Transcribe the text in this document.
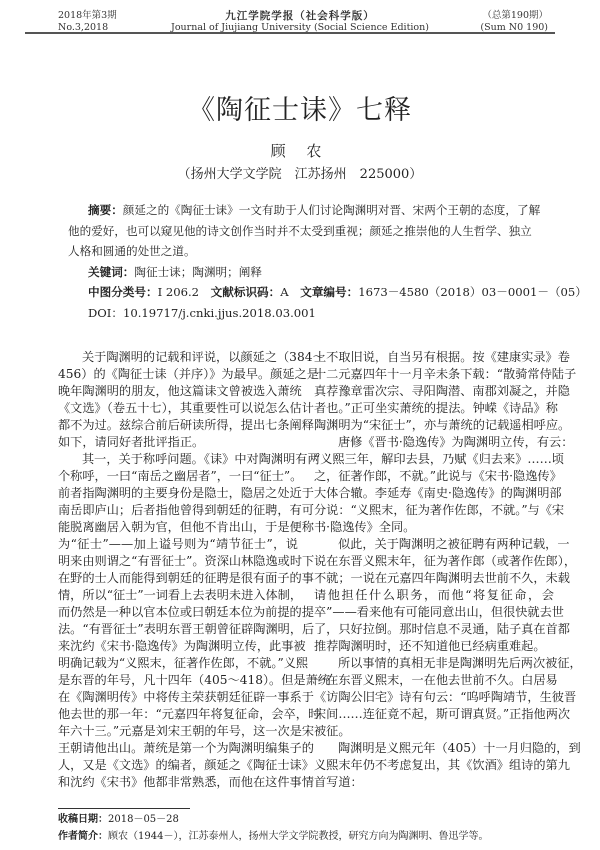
2018年第3期
No.3,2018
九江学院学报（社会科学版）
Journal of Jiujiang University (Social Science Edition)
（总第190期）
(Sum N0 190)
《陶征士诔》七释
顾 农
（扬州大学文学院　江苏扬州　225000）
摘要：颜延之的《陶征士诔》一文有助于人们讨论陶渊明对晋、宋两个王朝的态度，了解
他的爱好，也可以窥见他的诗文创作当时并不太受到重视；颜延之推崇他的人生哲学、独立
人格和圆通的处世之道。
关键词：陶征士诔；陶渊明；阐释
中图分类号：I 206.2　 文献标识码：A　 文章编号：1673－4580（2018）03－0001－（05）
DOI：10.19717/j.cnki.jjus.2018.03.001
关于陶渊明的记载和评说，以颜延之（384～
456）的《陶征士诔（并序）》为最早。颜延之是
晚年陶渊明的朋友，他这篇诔文曾被选入萧统
《文选》（卷五十七），其重要性可以说怎么估计
都不为过。兹综合前后研读所得，提出七条阐释
如下，请同好者批评指正。
其一，关于称呼问题。《诔》中对陶渊明有两
个称呼，一曰“南岳之幽居者”，一曰“征士”。
前者指陶渊明的主要身份是隐士，隐居之处近于
南岳即庐山；后者指他曾得到朝廷的征聘，有可
能脱离幽居入朝为官，但他不肯出山，于是便称
为“征士”——加上谥号则为“靖节征士”，说
明来由则谓之“有晋征士”。资深山林隐逸或时下
在野的士人而能得到朝廷的征聘是很有面子的事
情，所以“征士”一词看上去表明未进入体制，
而仍然是一种以官本位或曰朝廷本位为前提的提
法。“有晋征士”表明东晋王朝曾征辟陶渊明，后
来沈约《宋书·隐逸传》为陶渊明立传，此事被
明确记载为“义熙末，征著作佐郎，不就。”义熙
是东晋的年号，凡十四年（405～418）。但是萧统
在《陶渊明传》中将传主荣获朝廷征辟一事系于
他去世的那一年：“元嘉四年将复征命，会卒，时
年六十三。”元嘉是刘宋王朝的年号，这一次是宋
王朝请他出山。萧统是第一个为陶渊明编集子的
人，又是《文选》的编者，颜延之《陶征士诔》
和沈约《宋书》他都非常熟悉，而他在这件事情
上不取旧说，自当另有根据。按《建康实录》卷
十二元嘉四年十一月辛未条下载：“散骑常侍陆子
真荐豫章雷次宗、寻阳陶潜、南郡刘凝之，并隐
者也。”正可坐实萧统的提法。钟嵘《诗品》称
陶渊明为“宋征士”，亦与萧统的记载遥相呼应。
唐修《晋书·隐逸传》为陶渊明立传，有云：
“义熙三年，解印去县，乃赋《归去来》……顷
之，征著作郎，不就。”此说与《宋书·隐逸传》
大体合辙。李延寿《南史·隐逸传》的陶渊明部
分说：“义熙末，征为著作佐郎，不就。”与《宋
书·隐逸传》全同。
似此，关于陶渊明之被征聘有两种记载，一
说在东晋义熙末年，征为著作郎（或著作佐郎），
不就；一说在元嘉四年陶渊明去世前不久，未载
请他担任什么职务，而他“将复征命，会
卒”——看来他有可能同意出山，但很快就去世
了，只好拉倒。那时信息不灵通，陆子真在首都
推荐陶渊明时，还不知道他已经病重难起。
所以事情的真相无非是陶渊明先后两次被征，
一在东晋义熙末，一在他去世前不久。白居易
《访陶公旧宅》诗有句云：“呜呼陶靖节，生彼晋
宋间……连征竟不起，斯可谓真贤。”正指他两次
被征。
陶渊明是义熙元年（405）十一月归隐的，到
义熙末年仍不考虑复出，其《饮酒》组诗的第九
首写道：
收稿日期：2018－05－28
作者简介：顾农（1944－），江苏泰州人，扬州大学文学院教授，研究方向为陶渊明、鲁迅学等。
